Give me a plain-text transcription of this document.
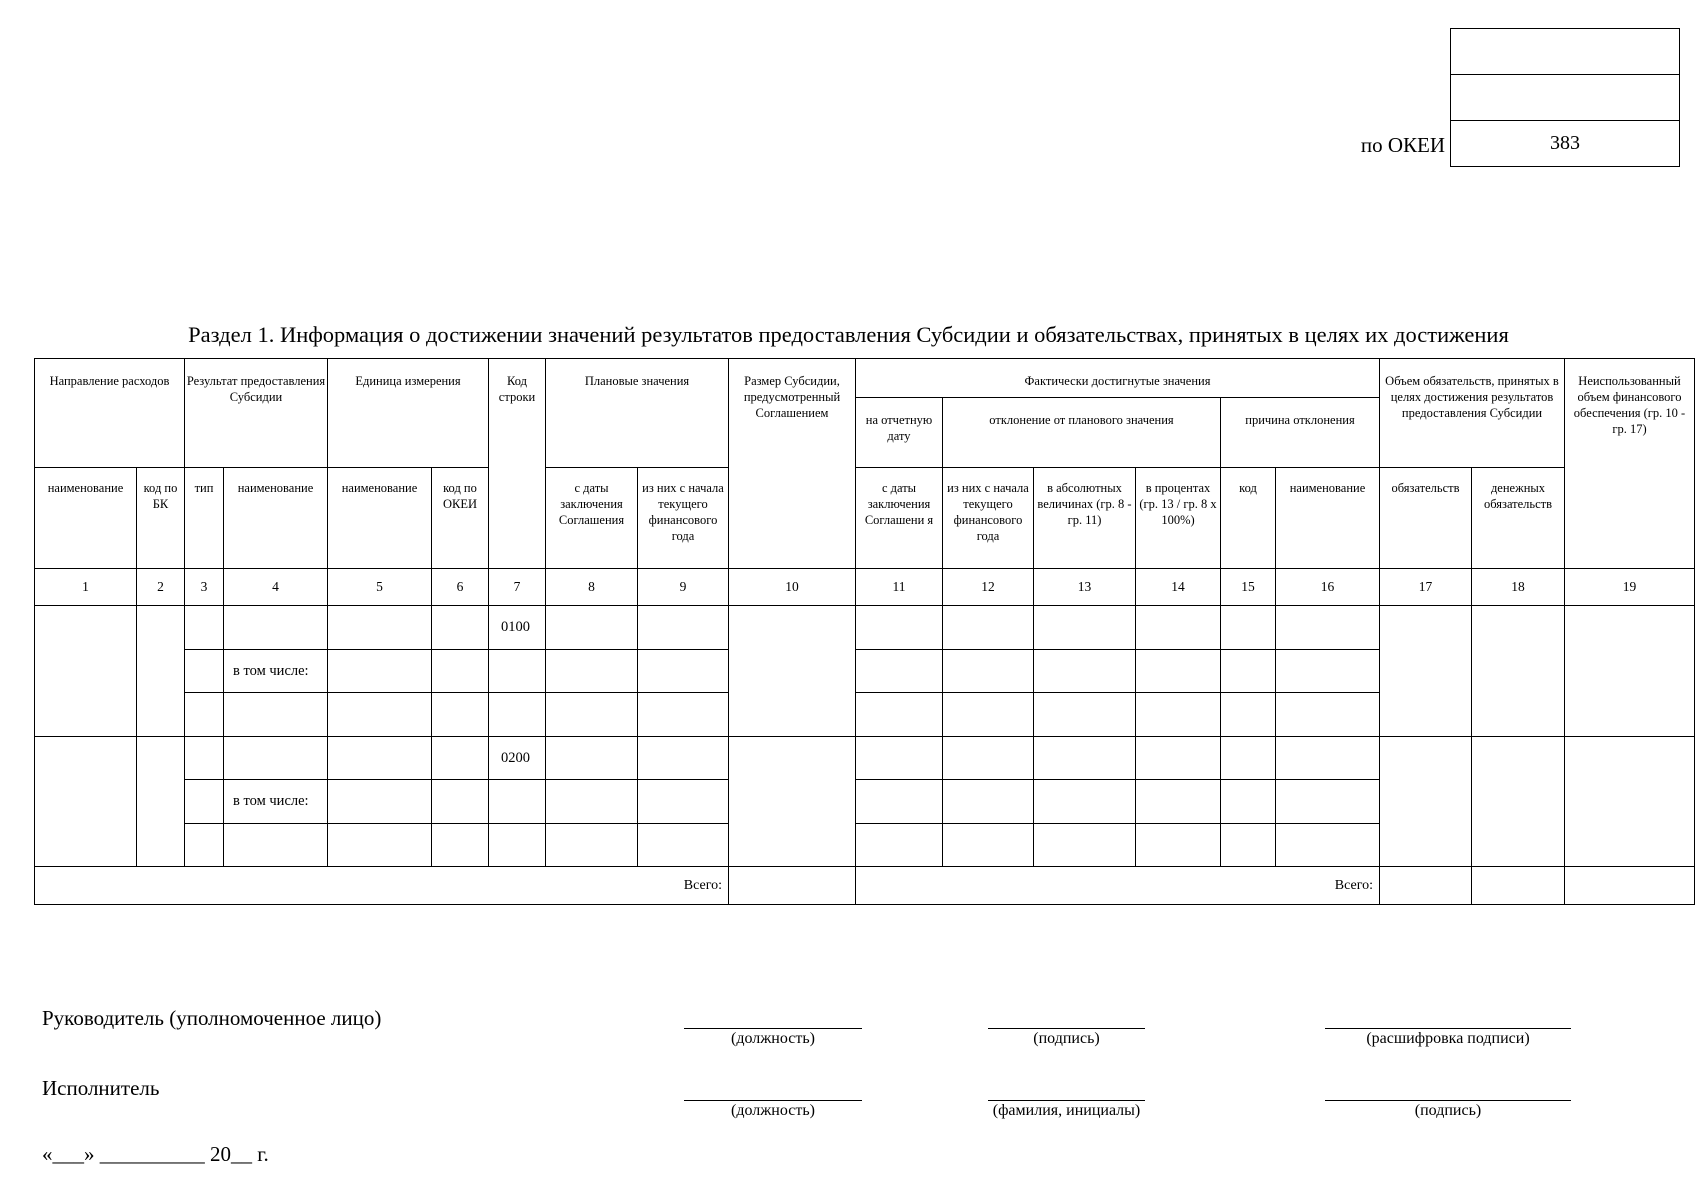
по ОКЕИ	383
Раздел 1. Информация о достижении значений результатов предоставления Субсидии и обязательствах, принятых в целях их достижения
Направление расходов		Результат предоставления Субсидии		Единица измерения		Код строки	Плановые значения		Размер Субсидии, предусмотренный Соглашением	Фактически достигнутые значения						Объем обязательств, принятых в целях достижения результатов предоставления Субсидии		Неиспользованный объем финансового обеспечения (гр. 10 - гр. 17)
										на отчетную дату	отклонение от планового значения			причина отклонения				
наименование	код по БК	тип	наименование	наименование	код по ОКЕИ		с даты заключения Соглашения	из них с начала текущего финансового года		с даты заключения Соглашени я	из них с начала текущего финансового года	в абсолютных величинах (гр. 8 - гр. 11)	в процентах (гр. 13 / гр. 8 x 100%)	код	наименование	обязательств	денежных обязательств	
1	2	3	4	5	6	7	8	9	10	11	12	13	14	15	16	17	18	19
						0100												
			в том числе:															

						0200												
			в том числе:															

Всего:										Всего:								
Руководитель (уполномоченное лицо)
(должность)	(подпись)	(расшифровка подписи)
Исполнитель
(должность)	(фамилия, инициалы)	(подпись)
«___» __________ 20__ г.
